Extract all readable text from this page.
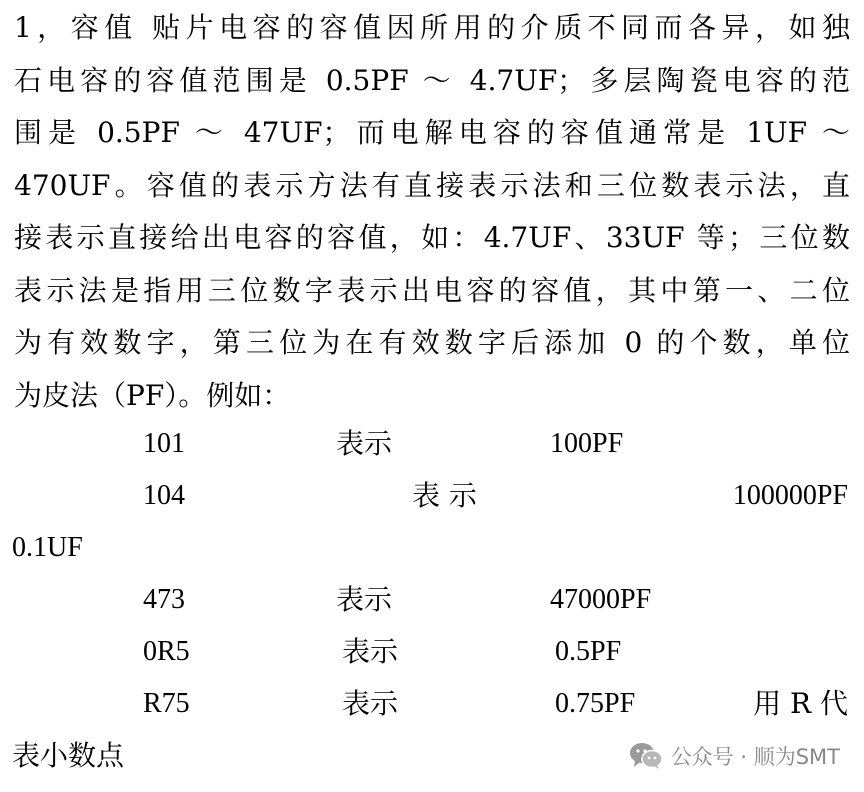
1，容值 贴片电容的容值因所用的介质不同而各异，如独
石电容的容值范围是 0.5PF ～ 4.7UF；多层陶瓷电容的范
围是 0.5PF ～ 47UF；而电解电容的容值通常是 1UF ～
470UF。容值的表示方法有直接表示法和三位数表示法，直
接表示直接给出电容的容值，如：4.7UF、33UF 等；三位数
表示法是指用三位数字表示出电容的容值，其中第一、二位
为有效数字，第三位为在有效数字后添加 0 的个数，单位
为皮法（PF）。例如：
101	表示	100PF
104	表 示	100000PF
0.1UF
473	表示	47000PF
0R5	表示	0.5PF
R75	表示	0.75PF	用 R 代
表小数点	公众号 · 顺为SMT
